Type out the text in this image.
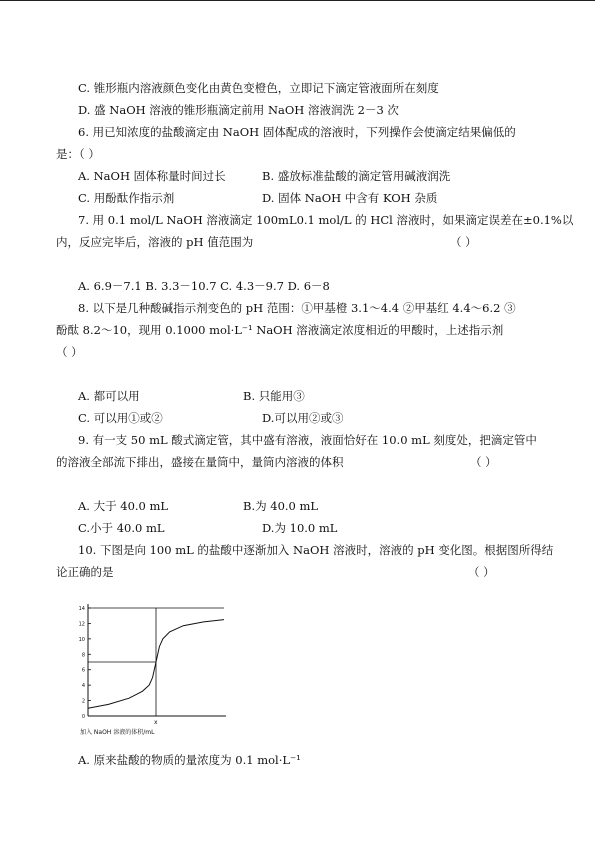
C. 锥形瓶内溶液颜色变化由黄色变橙色，立即记下滴定管液面所在刻度
D. 盛 NaOH 溶液的锥形瓶滴定前用 NaOH 溶液润洗 2－3 次
6. 用已知浓度的盐酸滴定由 NaOH 固体配成的溶液时，下列操作会使滴定结果偏低的
是：（ ）
A. NaOH 固体称量时间过长	B. 盛放标准盐酸的滴定管用碱液润洗
C. 用酚酞作指示剂	D. 固体 NaOH 中含有 KOH 杂质
7. 用 0.1 mol/L NaOH 溶液滴定 100mL0.1 mol/L 的 HCl 溶液时，如果滴定误差在±0.1%以
内，反应完毕后，溶液的 pH 值范围为	（ ）
A. 6.9－7.1 B. 3.3－10.7 C. 4.3－9.7 D. 6－8
8. 以下是几种酸碱指示剂变色的 pH 范围：①甲基橙 3.1～4.4 ②甲基红 4.4～6.2 ③
酚酞 8.2～10，现用 0.1000 mol·L⁻¹ NaOH 溶液滴定浓度相近的甲酸时，上述指示剂
（ ）
A. 都可以用	B. 只能用③
C. 可以用①或②	D.可以用②或③
9. 有一支 50 mL 酸式滴定管，其中盛有溶液，液面恰好在 10.0 mL 刻度处，把滴定管中
的溶液全部流下排出，盛接在量筒中，量筒内溶液的体积	（ ）
A. 大于 40.0 mL	B.为 40.0 mL
C.小于 40.0 mL	D.为 10.0 mL
10. 下图是向 100 mL 的盐酸中逐渐加入 NaOH 溶液时，溶液的 pH 变化图。根据图所得结
论正确的是	（ ）
0
2
4
6
8
10
12
14
加入 NaOH 溶液的体积/mL
x
A. 原来盐酸的物质的量浓度为 0.1 mol·L⁻¹
